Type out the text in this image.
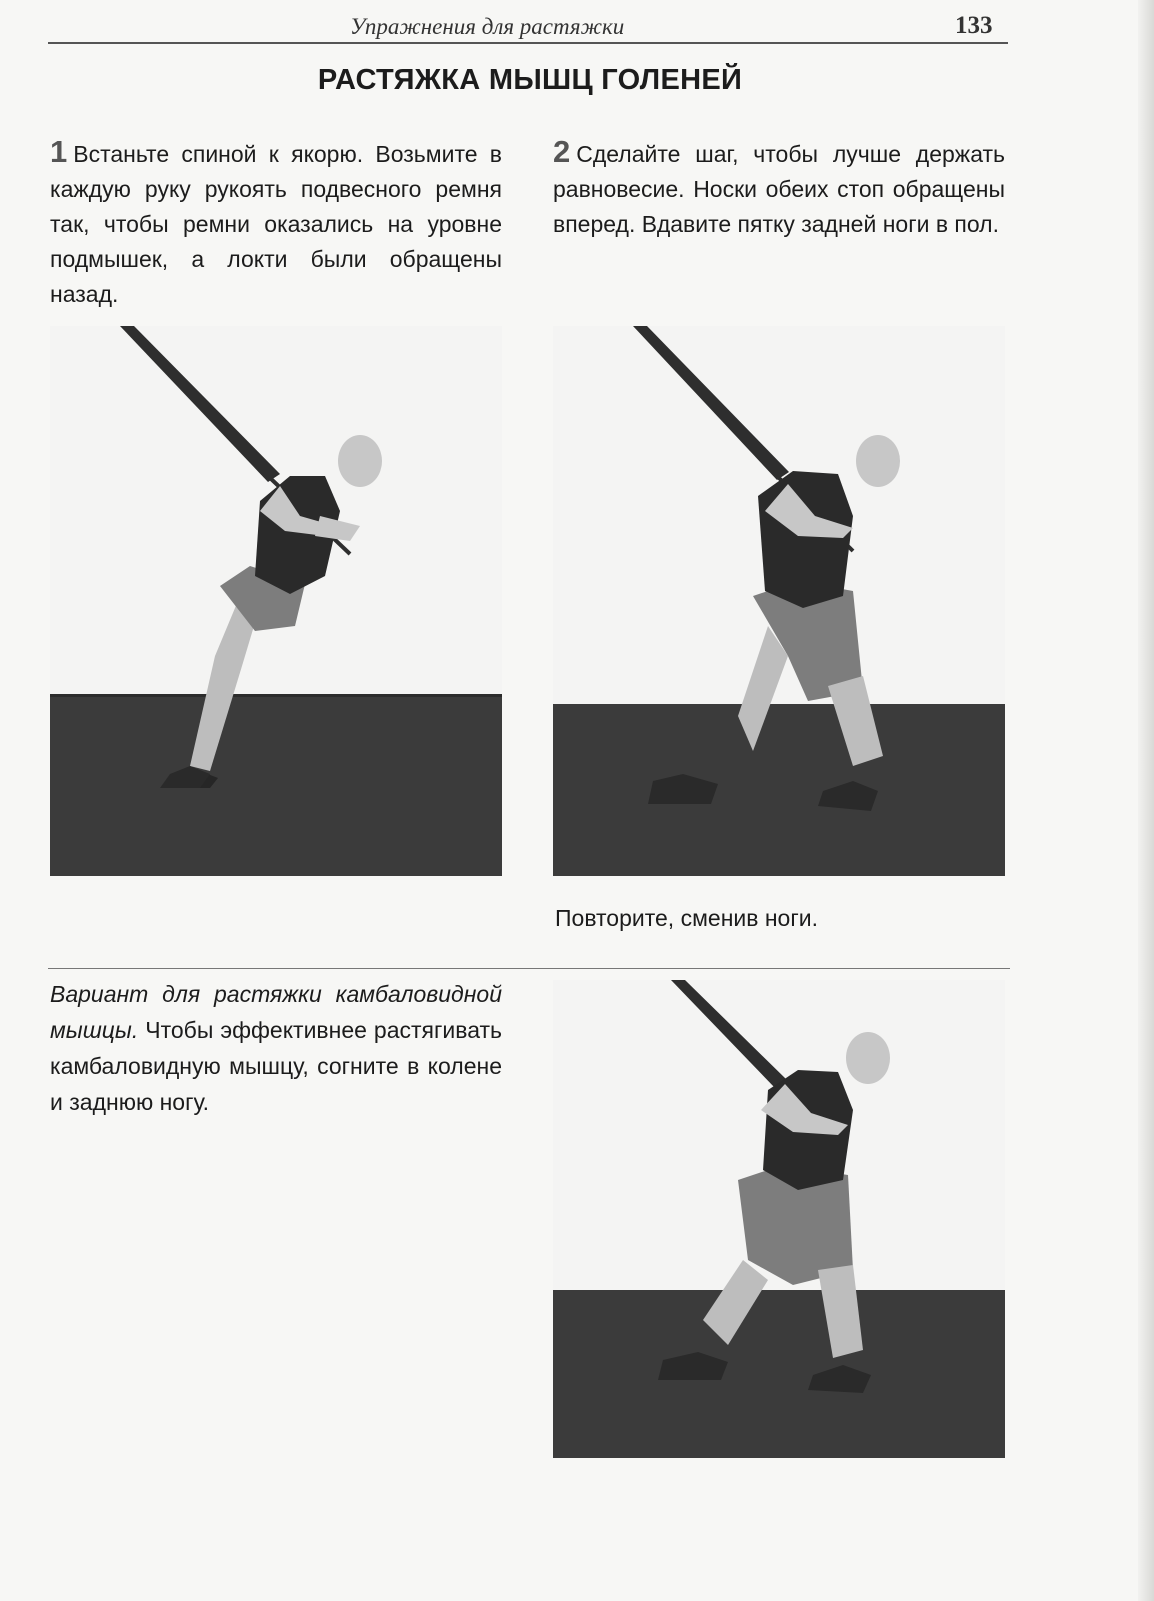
Упражнения для растяжки	133
РАСТЯЖКА МЫШЦ ГОЛЕНЕЙ
1 Встаньте спиной к якорю. Возьмите в каждую руку рукоять подвесного ремня так, чтобы ремни оказались на уровне подмышек, а локти были обращены назад.
2 Сделайте шаг, чтобы лучше держать равновесие. Носки обеих стоп обращены вперед. Вдавите пятку задней ноги в пол.
Повторите, сменив ноги.
Вариант для растяжки камбаловидной мышцы. Чтобы эффективнее растягивать камбаловидную мышцу, согните в колене и заднюю ногу.
